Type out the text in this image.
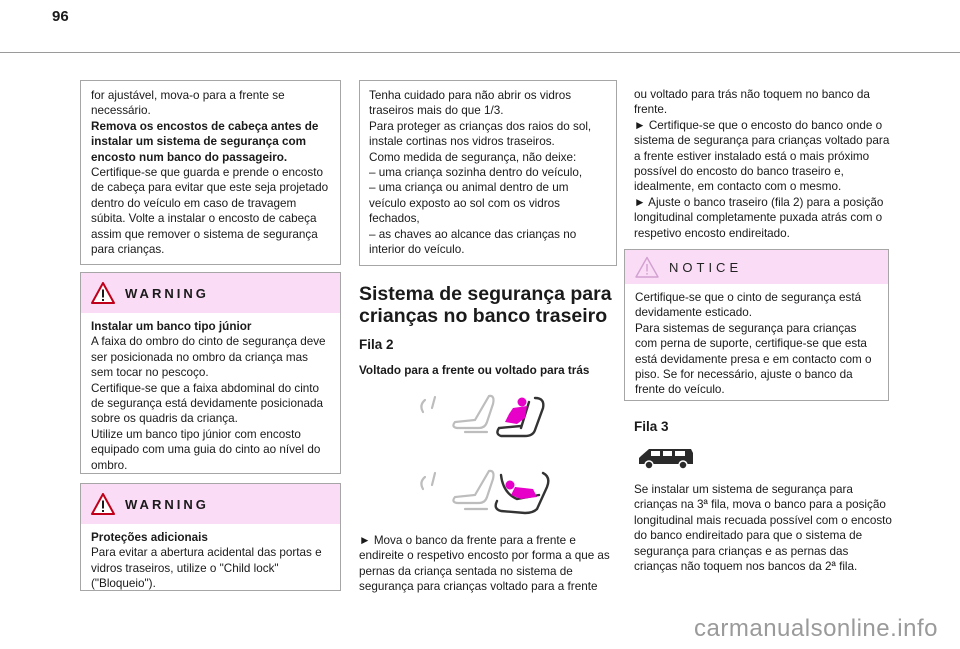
96

for ajustável, mova-o para a frente se

necessário.

Remova os encostos de cabeça antes de instalar um sistema de segurança com encosto num banco do passageiro.

Certifique-se que guarda e prende o encosto de cabeça para evitar que este seja projetado dentro do veículo em caso de travagem súbita. Volte a instalar o encosto de cabeça assim que remover o sistema de segurança para crianças.

WARNING

Instalar um banco tipo júnior

A faixa do ombro do cinto de segurança deve ser posicionada no ombro da criança mas sem tocar no pescoço.

Certifique-se que a faixa abdominal do cinto de segurança está devidamente posicionada sobre os quadris da criança.

Utilize um banco tipo júnior com encosto equipado com uma guia do cinto ao nível do ombro.

WARNING

Proteções adicionais

Para evitar a abertura acidental das portas e vidros traseiros, utilize o "Child lock" ("Bloqueio").

Tenha cuidado para não abrir os vidros traseiros mais do que 1/3.

Para proteger as crianças dos raios do sol, instale cortinas nos vidros traseiros.

Como medida de segurança, não deixe:

– uma criança sozinha dentro do veículo,

– uma criança ou animal dentro de um veículo exposto ao sol com os vidros fechados,

– as chaves ao alcance das crianças no interior do veículo.

Sistema de segurança para crianças no banco traseiro
Fila 2
Voltado para a frente ou voltado para trás
► Mova o banco da frente para a frente e endireite o respetivo encosto por forma a que as pernas da criança sentada no sistema de segurança para crianças voltado para a frente

ou voltado para trás não toquem no banco da frente.

► Certifique-se que o encosto do banco onde o sistema de segurança para crianças voltado para a frente estiver instalado está o mais próximo possível do encosto do banco traseiro e, idealmente, em contacto com o mesmo.

► Ajuste o banco traseiro (fila 2) para a posição longitudinal completamente puxada atrás com o respetivo encosto endireitado.

NOTICE

Certifique-se que o cinto de segurança está devidamente esticado.

Para sistemas de segurança para crianças com perna de suporte, certifique-se que esta está devidamente presa e em contacto com o piso. Se for necessário, ajuste o banco da frente do veículo.

Fila 3
Se instalar um sistema de segurança para crianças na 3ª fila, mova o banco para a posição longitudinal mais recuada possível com o encosto do banco endireitado para que o sistema de segurança para crianças e as pernas das crianças não toquem nos bancos da 2ª fila.
carmanualsonline.info
